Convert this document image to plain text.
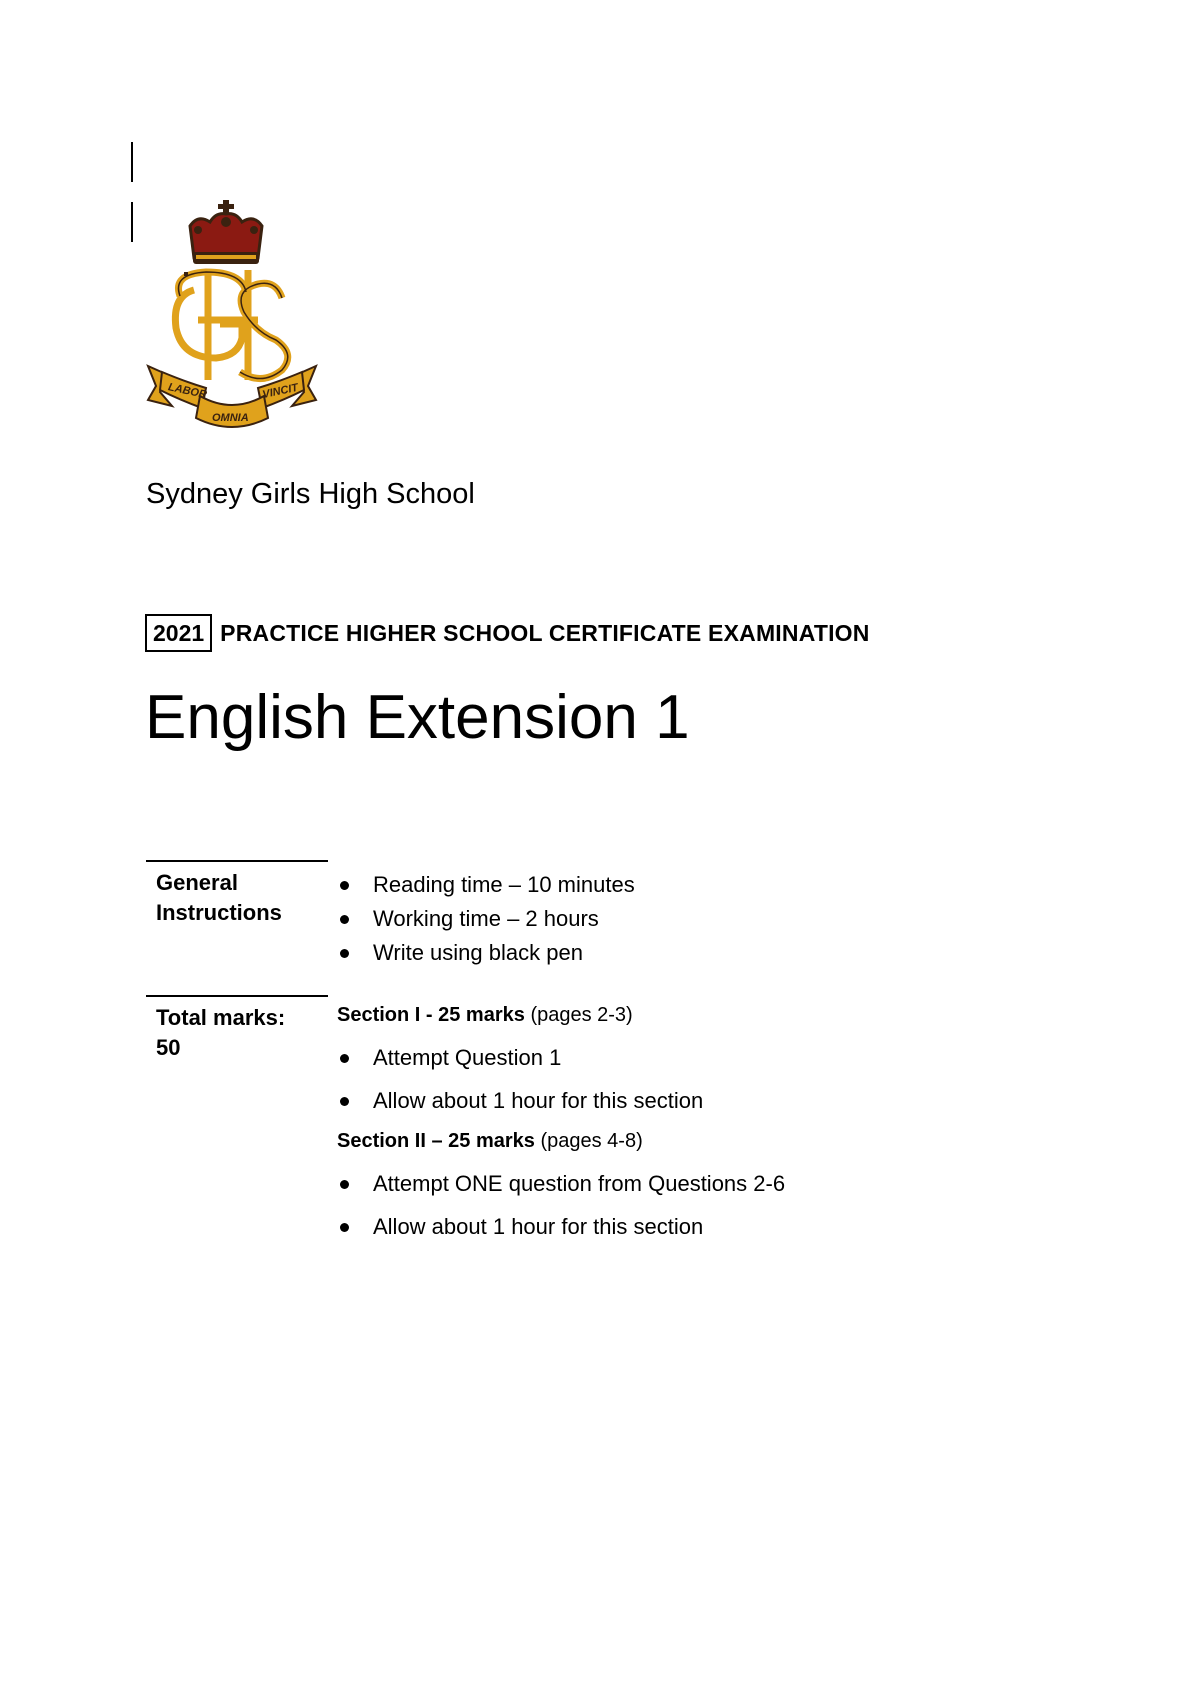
LABOR
OMNIA
VINCIT
Sydney Girls High School
2021 PRACTICE HIGHER SCHOOL CERTIFICATE EXAMINATION
English Extension 1
General
Instructions
Reading time – 10 minutes
Working time – 2 hours
Write using black pen
Total marks:
50
Section I - 25 marks (pages 2-3)
Attempt Question 1
Allow about 1 hour for this section
Section II – 25 marks (pages 4-8)
Attempt ONE question from Questions 2-6
Allow about 1 hour for this section
